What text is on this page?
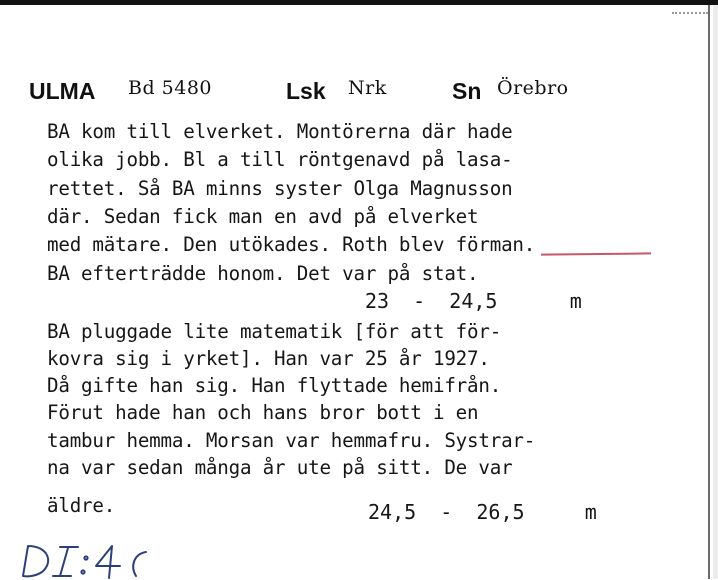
ULMA Bd 5480	Lsk Nrk	Sn Örebro
BA kom till elverket. Montörerna där hade
olika jobb. Bl a till röntgenavd på lasa-
rettet. Så BA minns syster Olga Magnusson
där. Sedan fick man en avd på elverket
med mätare. Den utökades. Roth blev förman.
BA efterträdde honom. Det var på stat.
23  -  24,5      m
BA pluggade lite matematik [för att för-
kovra sig i yrket]. Han var 25 år 1927.
Då gifte han sig. Han flyttade hemifrån.
Förut hade han och hans bror bott i en
tambur hemma. Morsan var hemmafru. Systrar-
na var sedan många år ute på sitt. De var
äldre.	24,5  -  26,5     m
